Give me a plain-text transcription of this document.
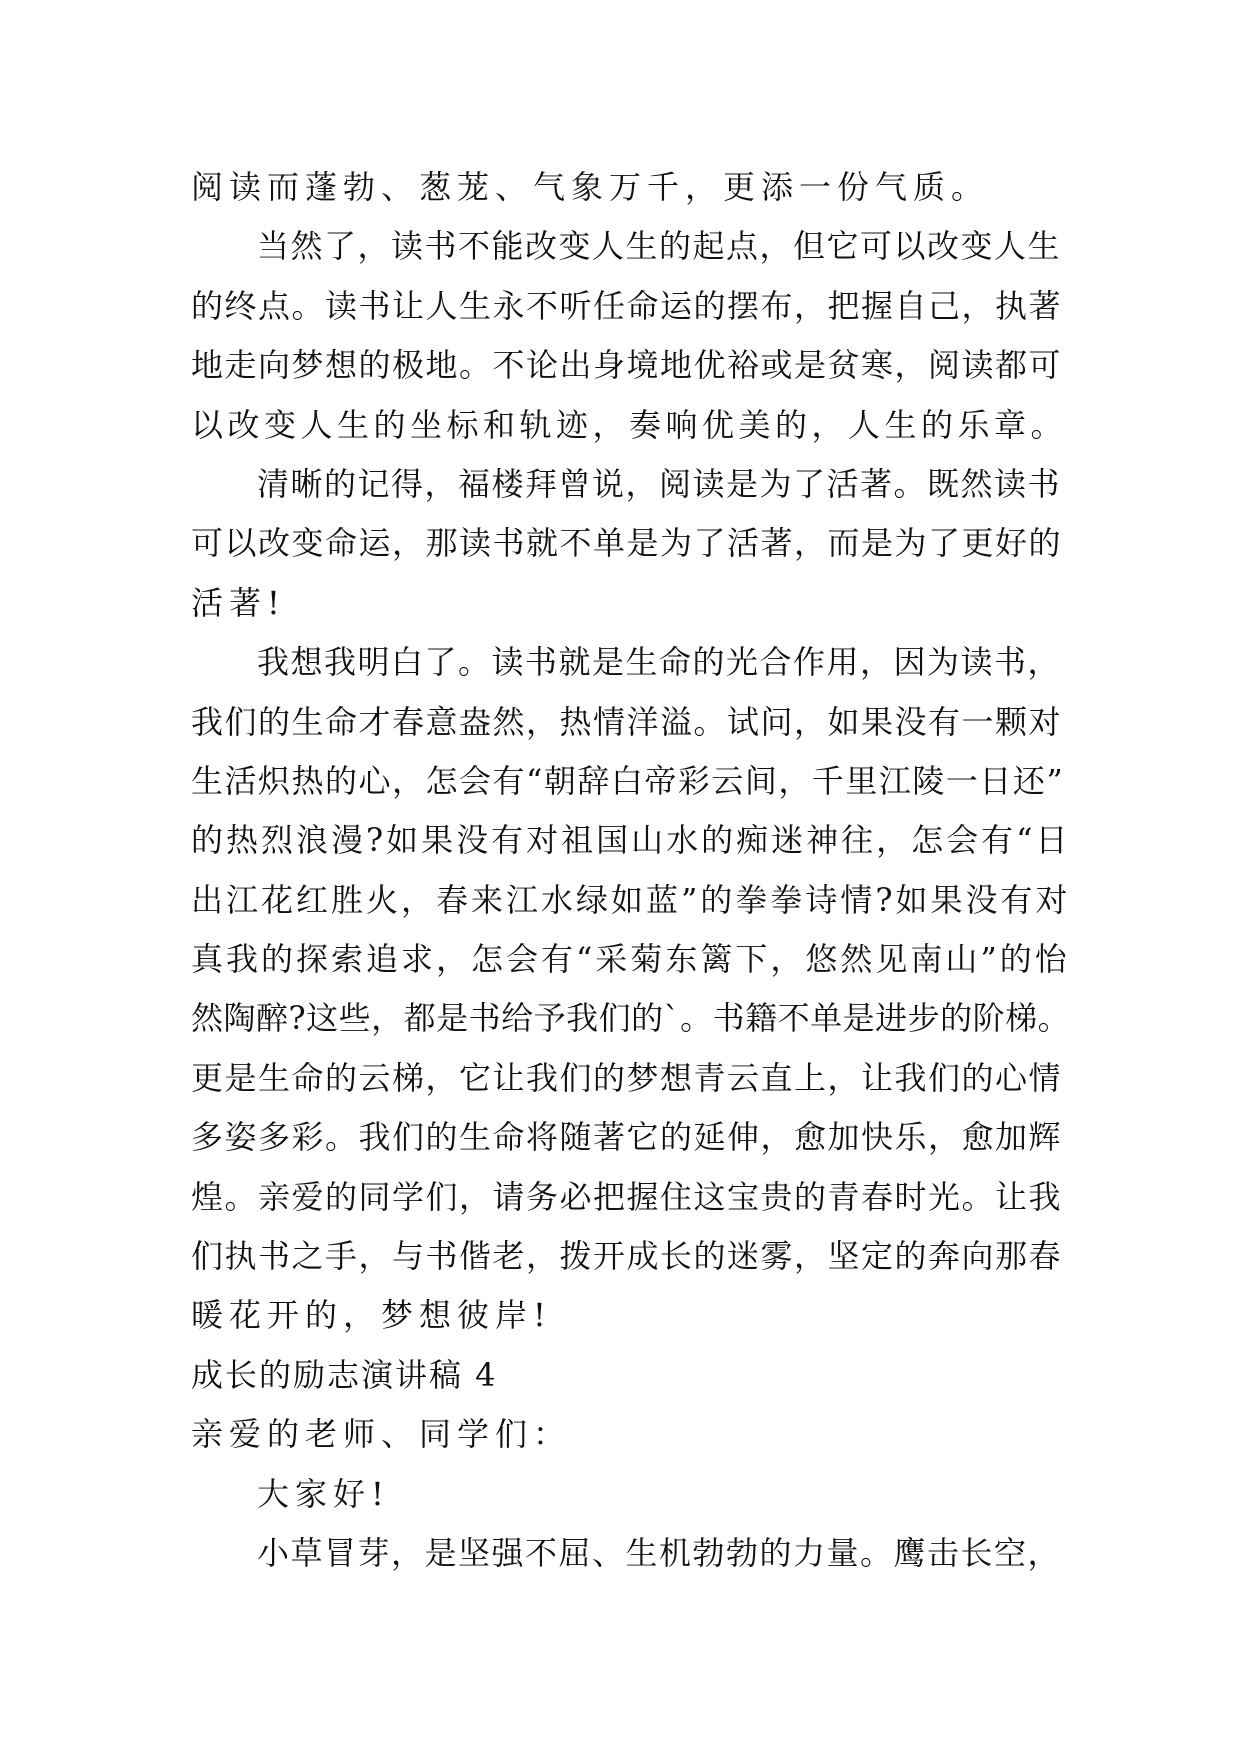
阅读而蓬勃、葱茏、气象万千，更添一份气质。
当然了，读书不能改变人生的起点，但它可以改变人生
的终点。读书让人生永不听任命运的摆布，把握自己，执著
地走向梦想的极地。不论出身境地优裕或是贫寒，阅读都可
以改变人生的坐标和轨迹，奏响优美的，人生的乐章。
清晰的记得，福楼拜曾说，阅读是为了活著。既然读书
可以改变命运，那读书就不单是为了活著，而是为了更好的
活著!
我想我明白了。读书就是生命的光合作用，因为读书，
我们的生命才春意盎然，热情洋溢。试问，如果没有一颗对
生活炽热的心，怎会有“朝辞白帝彩云间，千里江陵一日还”
的热烈浪漫?如果没有对祖国山水的痴迷神往，怎会有“日
出江花红胜火，春来江水绿如蓝”的拳拳诗情?如果没有对
真我的探索追求，怎会有“采菊东篱下，悠然见南山”的怡
然陶醉?这些，都是书给予我们的`。书籍不单是进步的阶梯。
更是生命的云梯，它让我们的梦想青云直上，让我们的心情
多姿多彩。我们的生命将随著它的延伸，愈加快乐，愈加辉
煌。亲爱的同学们，请务必把握住这宝贵的青春时光。让我
们执书之手，与书偕老，拨开成长的迷雾，坚定的奔向那春
暖花开的，梦想彼岸!
成长的励志演讲稿 4
亲爱的老师、同学们：
大家好!
小草冒芽，是坚强不屈、生机勃勃的力量。鹰击长空，
